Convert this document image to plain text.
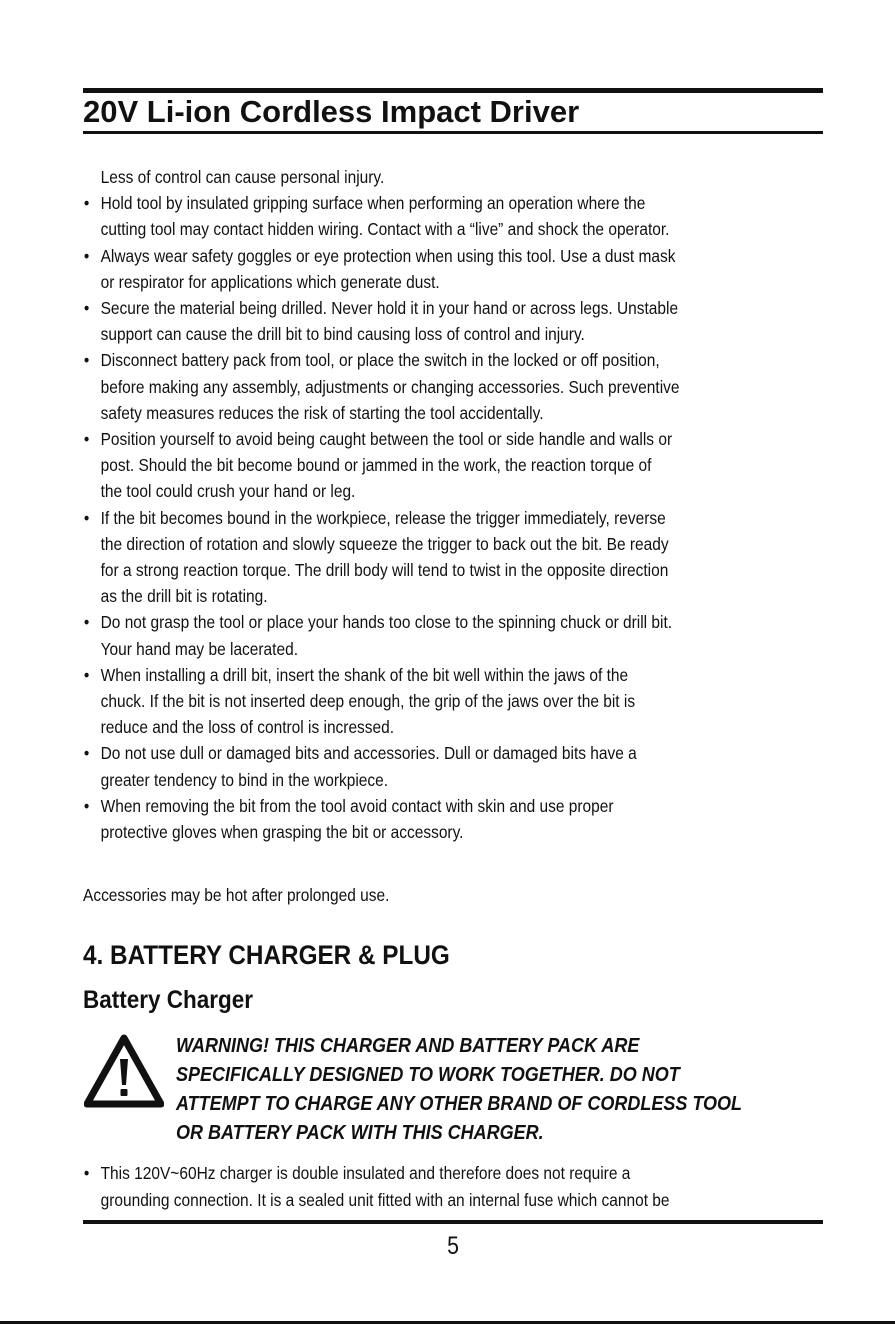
20V Li-ion Cordless Impact Driver
Less of control can cause personal injury.
• Hold tool by insulated gripping surface when performing an operation where the
cutting tool may contact hidden wiring. Contact with a “live” and shock the operator.
• Always wear safety goggles or eye protection when using this tool. Use a dust mask
or respirator for applications which generate dust.
• Secure the material being drilled. Never hold it in your hand or across legs. Unstable
support can cause the drill bit to bind causing loss of control and injury.
• Disconnect battery pack from tool, or place the switch in the locked or off position,
before making any assembly, adjustments or changing accessories. Such preventive
safety measures reduces the risk of starting the tool accidentally.
• Position yourself to avoid being caught between the tool or side handle and walls or
post. Should the bit become bound or jammed in the work, the reaction torque of
the tool could crush your hand or leg.
• If the bit becomes bound in the workpiece, release the trigger immediately, reverse
the direction of rotation and slowly squeeze the trigger to back out the bit. Be ready
for a strong reaction torque. The drill body will tend to twist in the opposite direction
as the drill bit is rotating.
• Do not grasp the tool or place your hands too close to the spinning chuck or drill bit.
Your hand may be lacerated.
• When installing a drill bit, insert the shank of the bit well within the jaws of the
chuck. If the bit is not inserted deep enough, the grip of the jaws over the bit is
reduce and the loss of control is incressed.
• Do not use dull or damaged bits and accessories. Dull or damaged bits have a
greater tendency to bind in the workpiece.
• When removing the bit from the tool avoid contact with skin and use proper
protective gloves when grasping the bit or accessory.
Accessories may be hot after prolonged use.
4. BATTERY CHARGER & PLUG
Battery Charger
WARNING! THIS CHARGER AND BATTERY PACK ARE
SPECIFICALLY DESIGNED TO WORK TOGETHER. DO NOT
ATTEMPT TO CHARGE ANY OTHER BRAND OF CORDLESS TOOL
OR BATTERY PACK WITH THIS CHARGER.
• This 120V~60Hz charger is double insulated and therefore does not require a
grounding connection. It is a sealed unit fitted with an internal fuse which cannot be
5
